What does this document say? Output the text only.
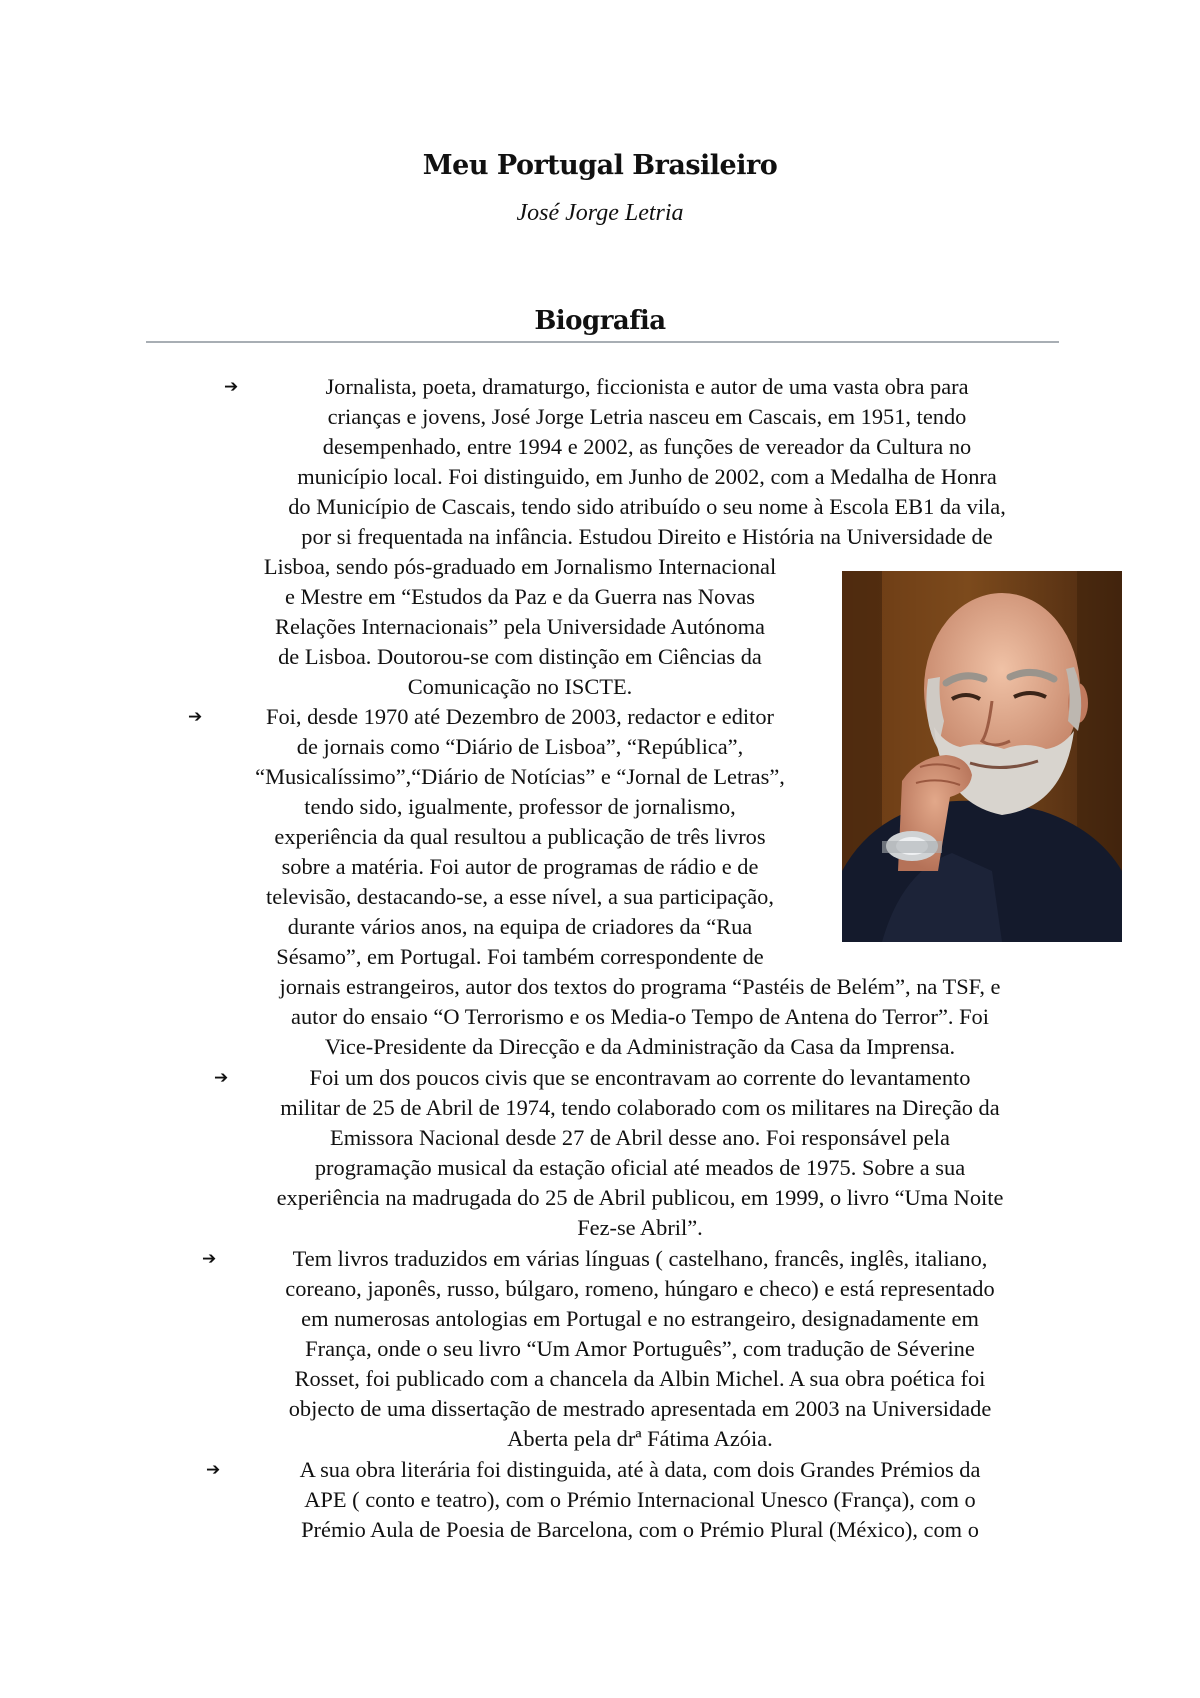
Meu Portugal Brasileiro
José Jorge Letria
Biografia
Jornalista, poeta, dramaturgo, ficcionista e autor de uma vasta obra para
crianças e jovens, José Jorge Letria nasceu em Cascais, em 1951, tendo
desempenhado, entre 1994 e 2002, as funções de vereador da Cultura no
município local. Foi distinguido, em Junho de 2002, com a Medalha de Honra
do Município de Cascais, tendo sido atribuído o seu nome à Escola EB1 da vila,
por si frequentada na infância. Estudou Direito e História na Universidade de
Lisboa, sendo pós-graduado em Jornalismo Internacional
e Mestre em “Estudos da Paz e da Guerra nas Novas
Relações Internacionais” pela Universidade Autónoma
de Lisboa. Doutorou-se com distinção em Ciências da
Comunicação no ISCTE.
Foi, desde 1970 até Dezembro de 2003, redactor e editor
de jornais como “Diário de Lisboa”, “República”,
“Musicalíssimo”,“Diário de Notícias” e “Jornal de Letras”,
tendo sido, igualmente, professor de jornalismo,
experiência da qual resultou a publicação de três livros
sobre a matéria. Foi autor de programas de rádio e de
televisão, destacando-se, a esse nível, a sua participação,
durante vários anos, na equipa de criadores da “Rua
Sésamo”, em Portugal. Foi também correspondente de
jornais estrangeiros, autor dos textos do programa “Pastéis de Belém”, na TSF, e
autor do ensaio “O Terrorismo e os Media-o Tempo de Antena do Terror”. Foi
Vice-Presidente da Direcção e da Administração da Casa da Imprensa.
Foi um dos poucos civis que se encontravam ao corrente do levantamento
militar de 25 de Abril de 1974, tendo colaborado com os militares na Direção da
Emissora Nacional desde 27 de Abril desse ano. Foi responsável pela
programação musical da estação oficial até meados de 1975. Sobre a sua
experiência na madrugada do 25 de Abril publicou, em 1999, o livro “Uma Noite
Fez-se Abril”.
Tem livros traduzidos em várias línguas ( castelhano, francês, inglês, italiano,
coreano, japonês, russo, búlgaro, romeno, húngaro e checo) e está representado
em numerosas antologias em Portugal e no estrangeiro, designadamente em
França, onde o seu livro “Um Amor Português”, com tradução de Séverine
Rosset, foi publicado com a chancela da Albin Michel. A sua obra poética foi
objecto de uma dissertação de mestrado apresentada em 2003 na Universidade
Aberta pela drª Fátima Azóia.
A sua obra literária foi distinguida, até à data, com dois Grandes Prémios da
APE ( conto e teatro), com o Prémio Internacional Unesco (França), com o
Prémio Aula de Poesia de Barcelona, com o Prémio Plural (México), com o
➔
➔
➔
➔
➔
